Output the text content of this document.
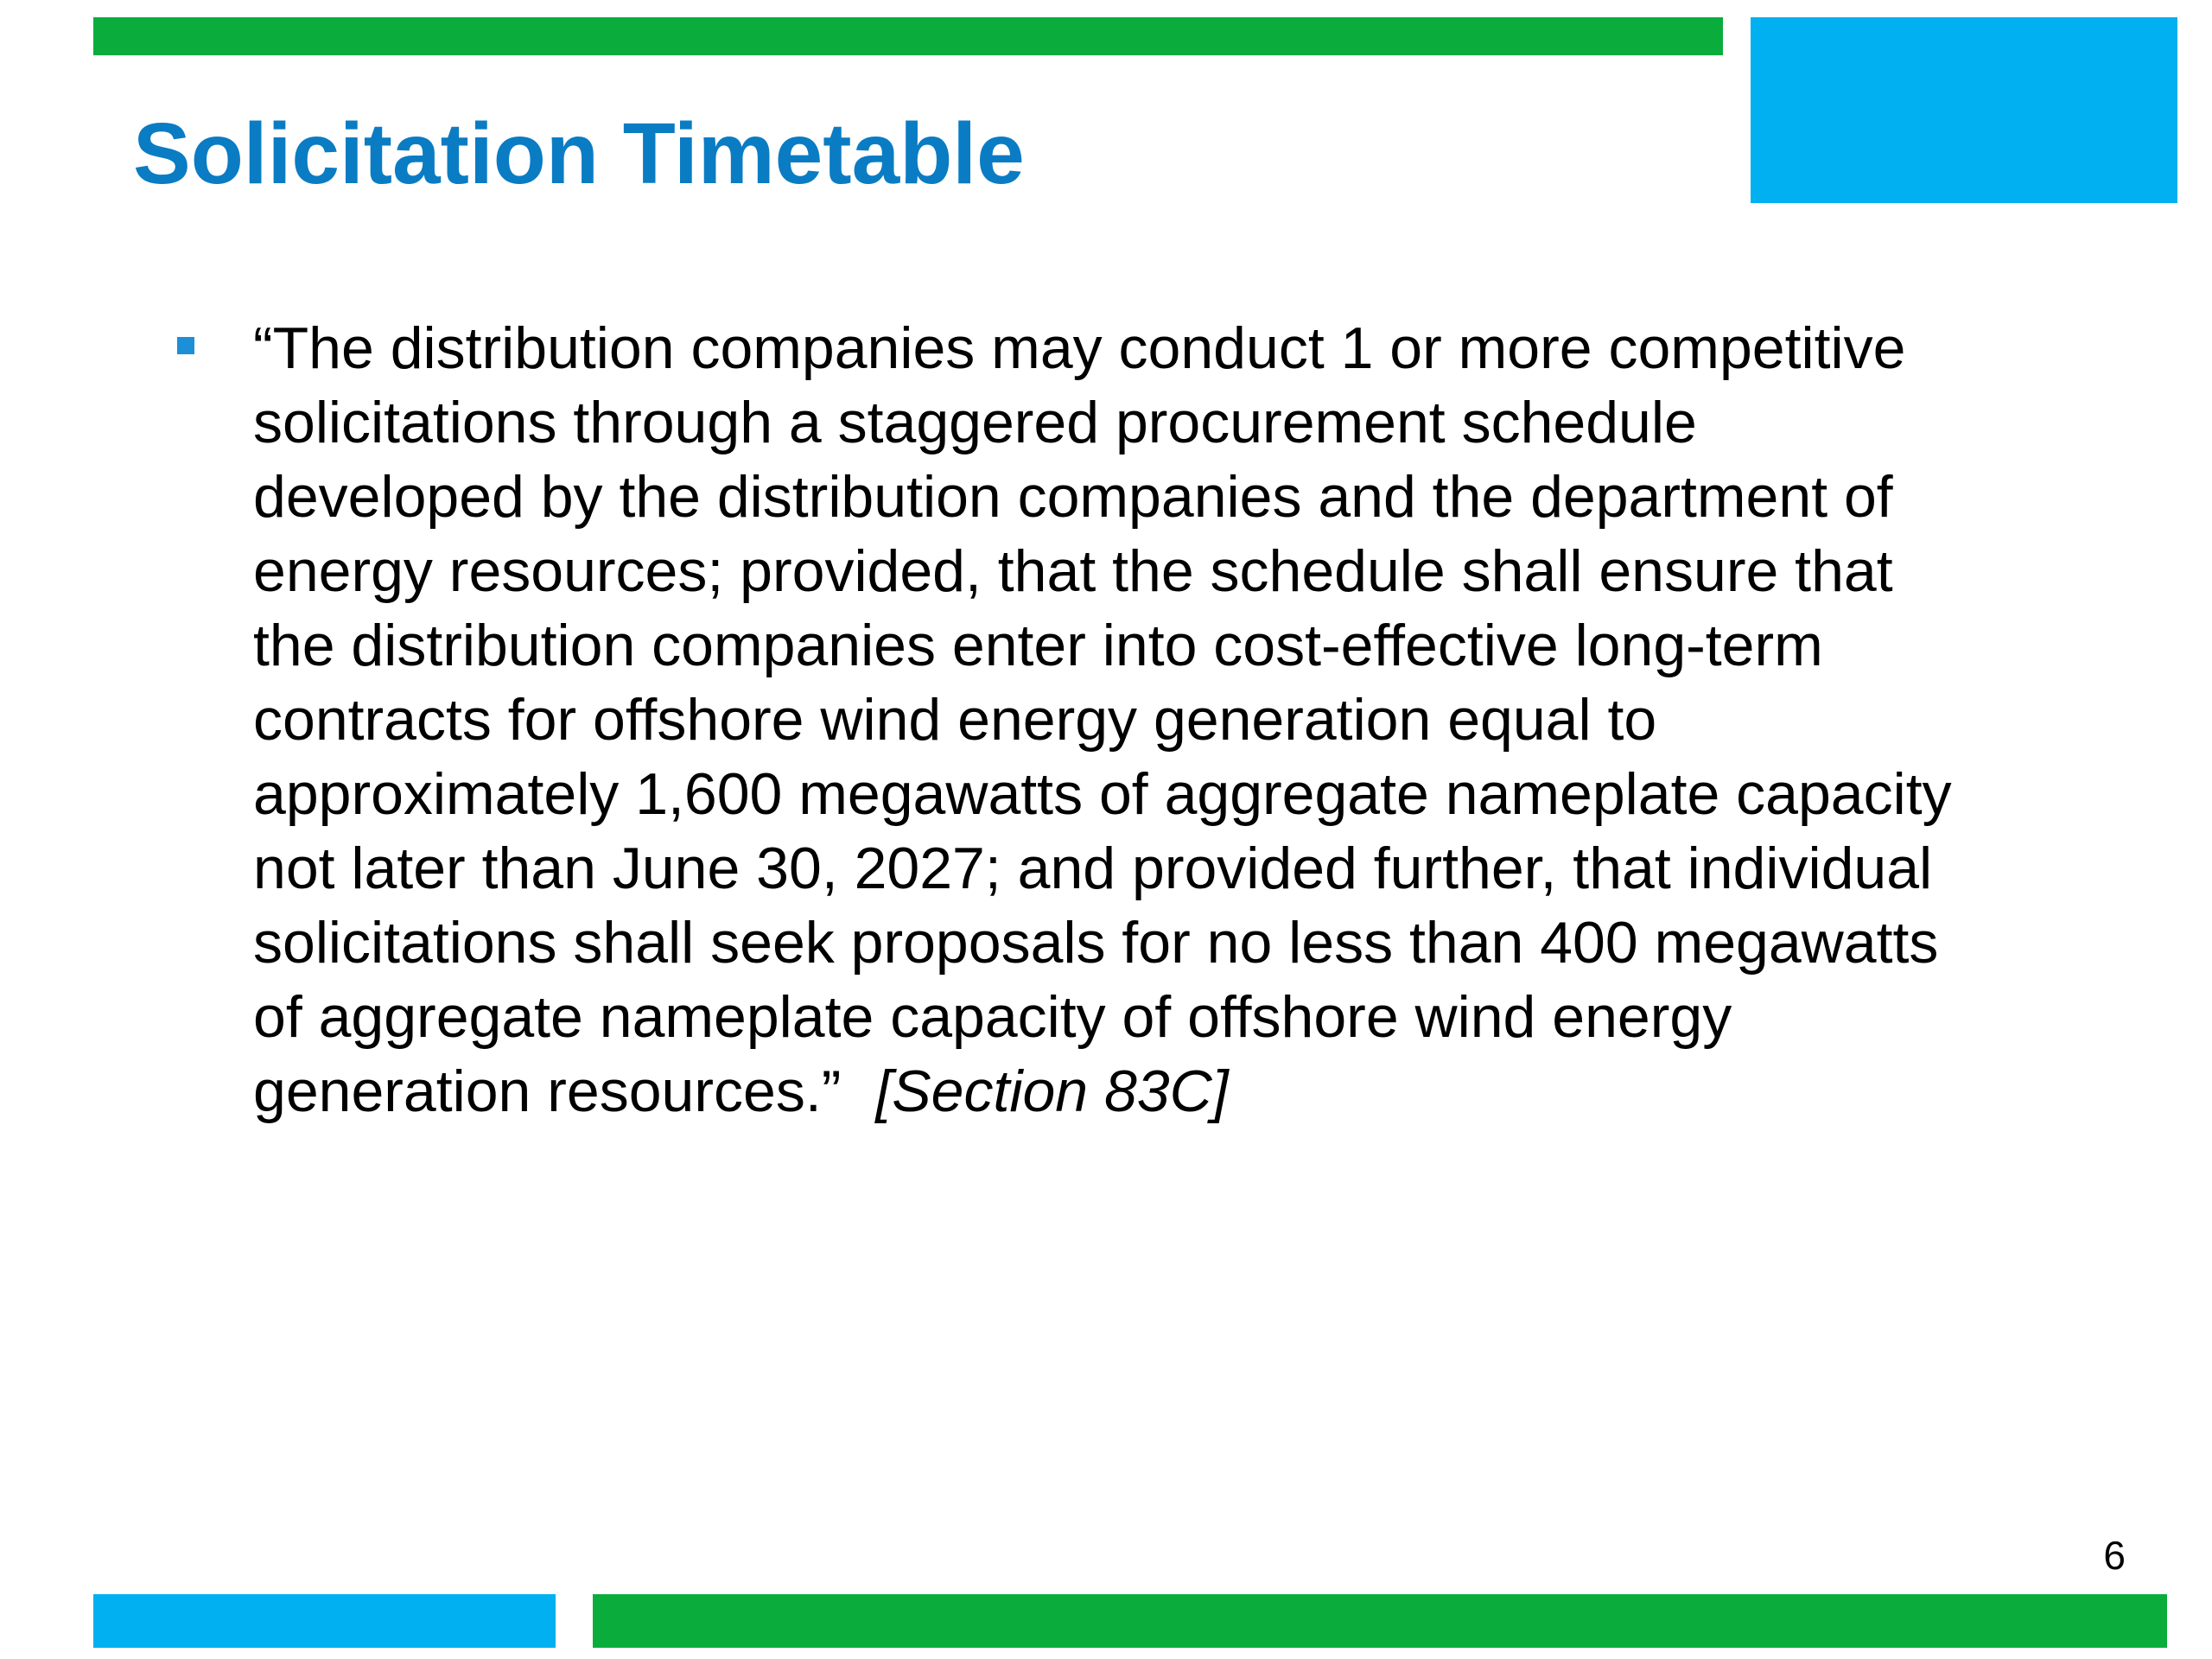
Solicitation Timetable

“The distribution companies may conduct 1 or more competitive
solicitations through a staggered procurement schedule
developed by the distribution companies and the department of
energy resources; provided, that the schedule shall ensure that
the distribution companies enter into cost-effective long-term
contracts for offshore wind energy generation equal to
approximately 1,600 megawatts of aggregate nameplate capacity
not later than June 30, 2027; and provided further, that individual
solicitations shall seek proposals for no less than 400 megawatts
of aggregate nameplate capacity of offshore wind energy
generation resources.” [Section 83C]

6
